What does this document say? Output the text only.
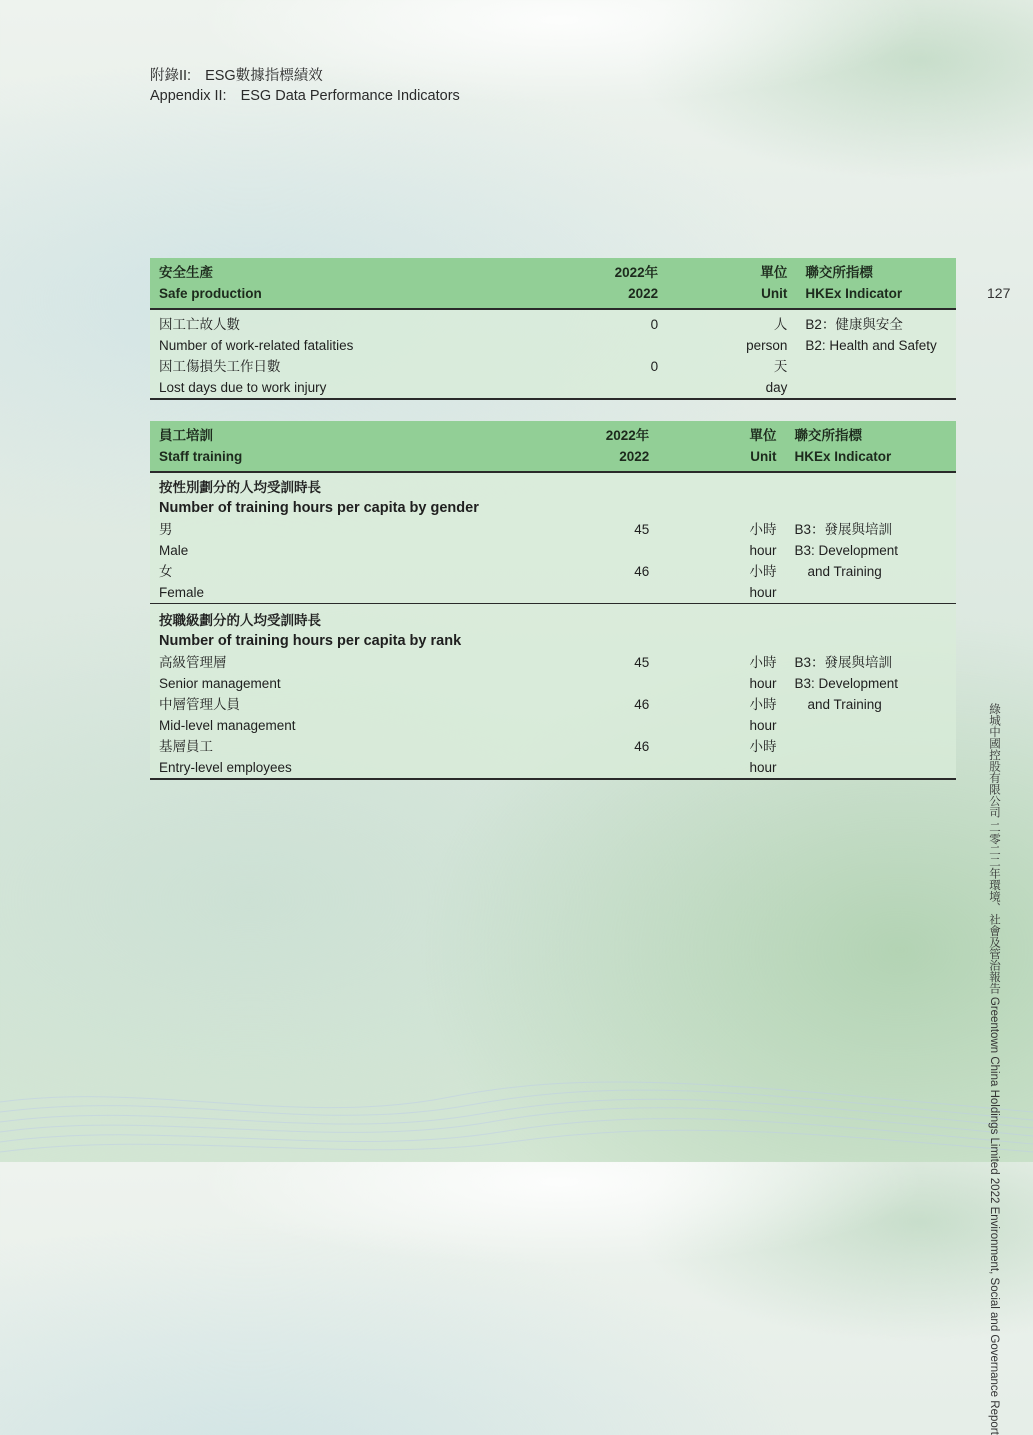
附錄II: ESG數據指標績效
Appendix II: ESG Data Performance Indicators
127
綠城中國控股有限公司 二零二二年環境、社會及管治報告 Greentown China Holdings Limited 2022 Environment, Social and Governance Report
安全生產	2022年	單位	聯交所指標
Safe production	2022	Unit	HKEx Indicator
因工亡故人數	0	人	B2：健康與安全
Number of work-related fatalities		person	B2: Health and Safety
因工傷損失工作日數	0	天	
Lost days due to work injury		day	
員工培訓	2022年	單位	聯交所指標
Staff training	2022	Unit	HKEx Indicator
按性別劃分的人均受訓時長			
Number of training hours per capita by gender			
男	45	小時	B3：發展與培訓
Male		hour	B3: Development
女	46	小時	and Training
Female		hour	
按職級劃分的人均受訓時長			
Number of training hours per capita by rank			
高級管理層	45	小時	B3：發展與培訓
Senior management		hour	B3: Development
中層管理人員	46	小時	and Training
Mid-level management		hour	
基層員工	46	小時	
Entry-level employees		hour	
